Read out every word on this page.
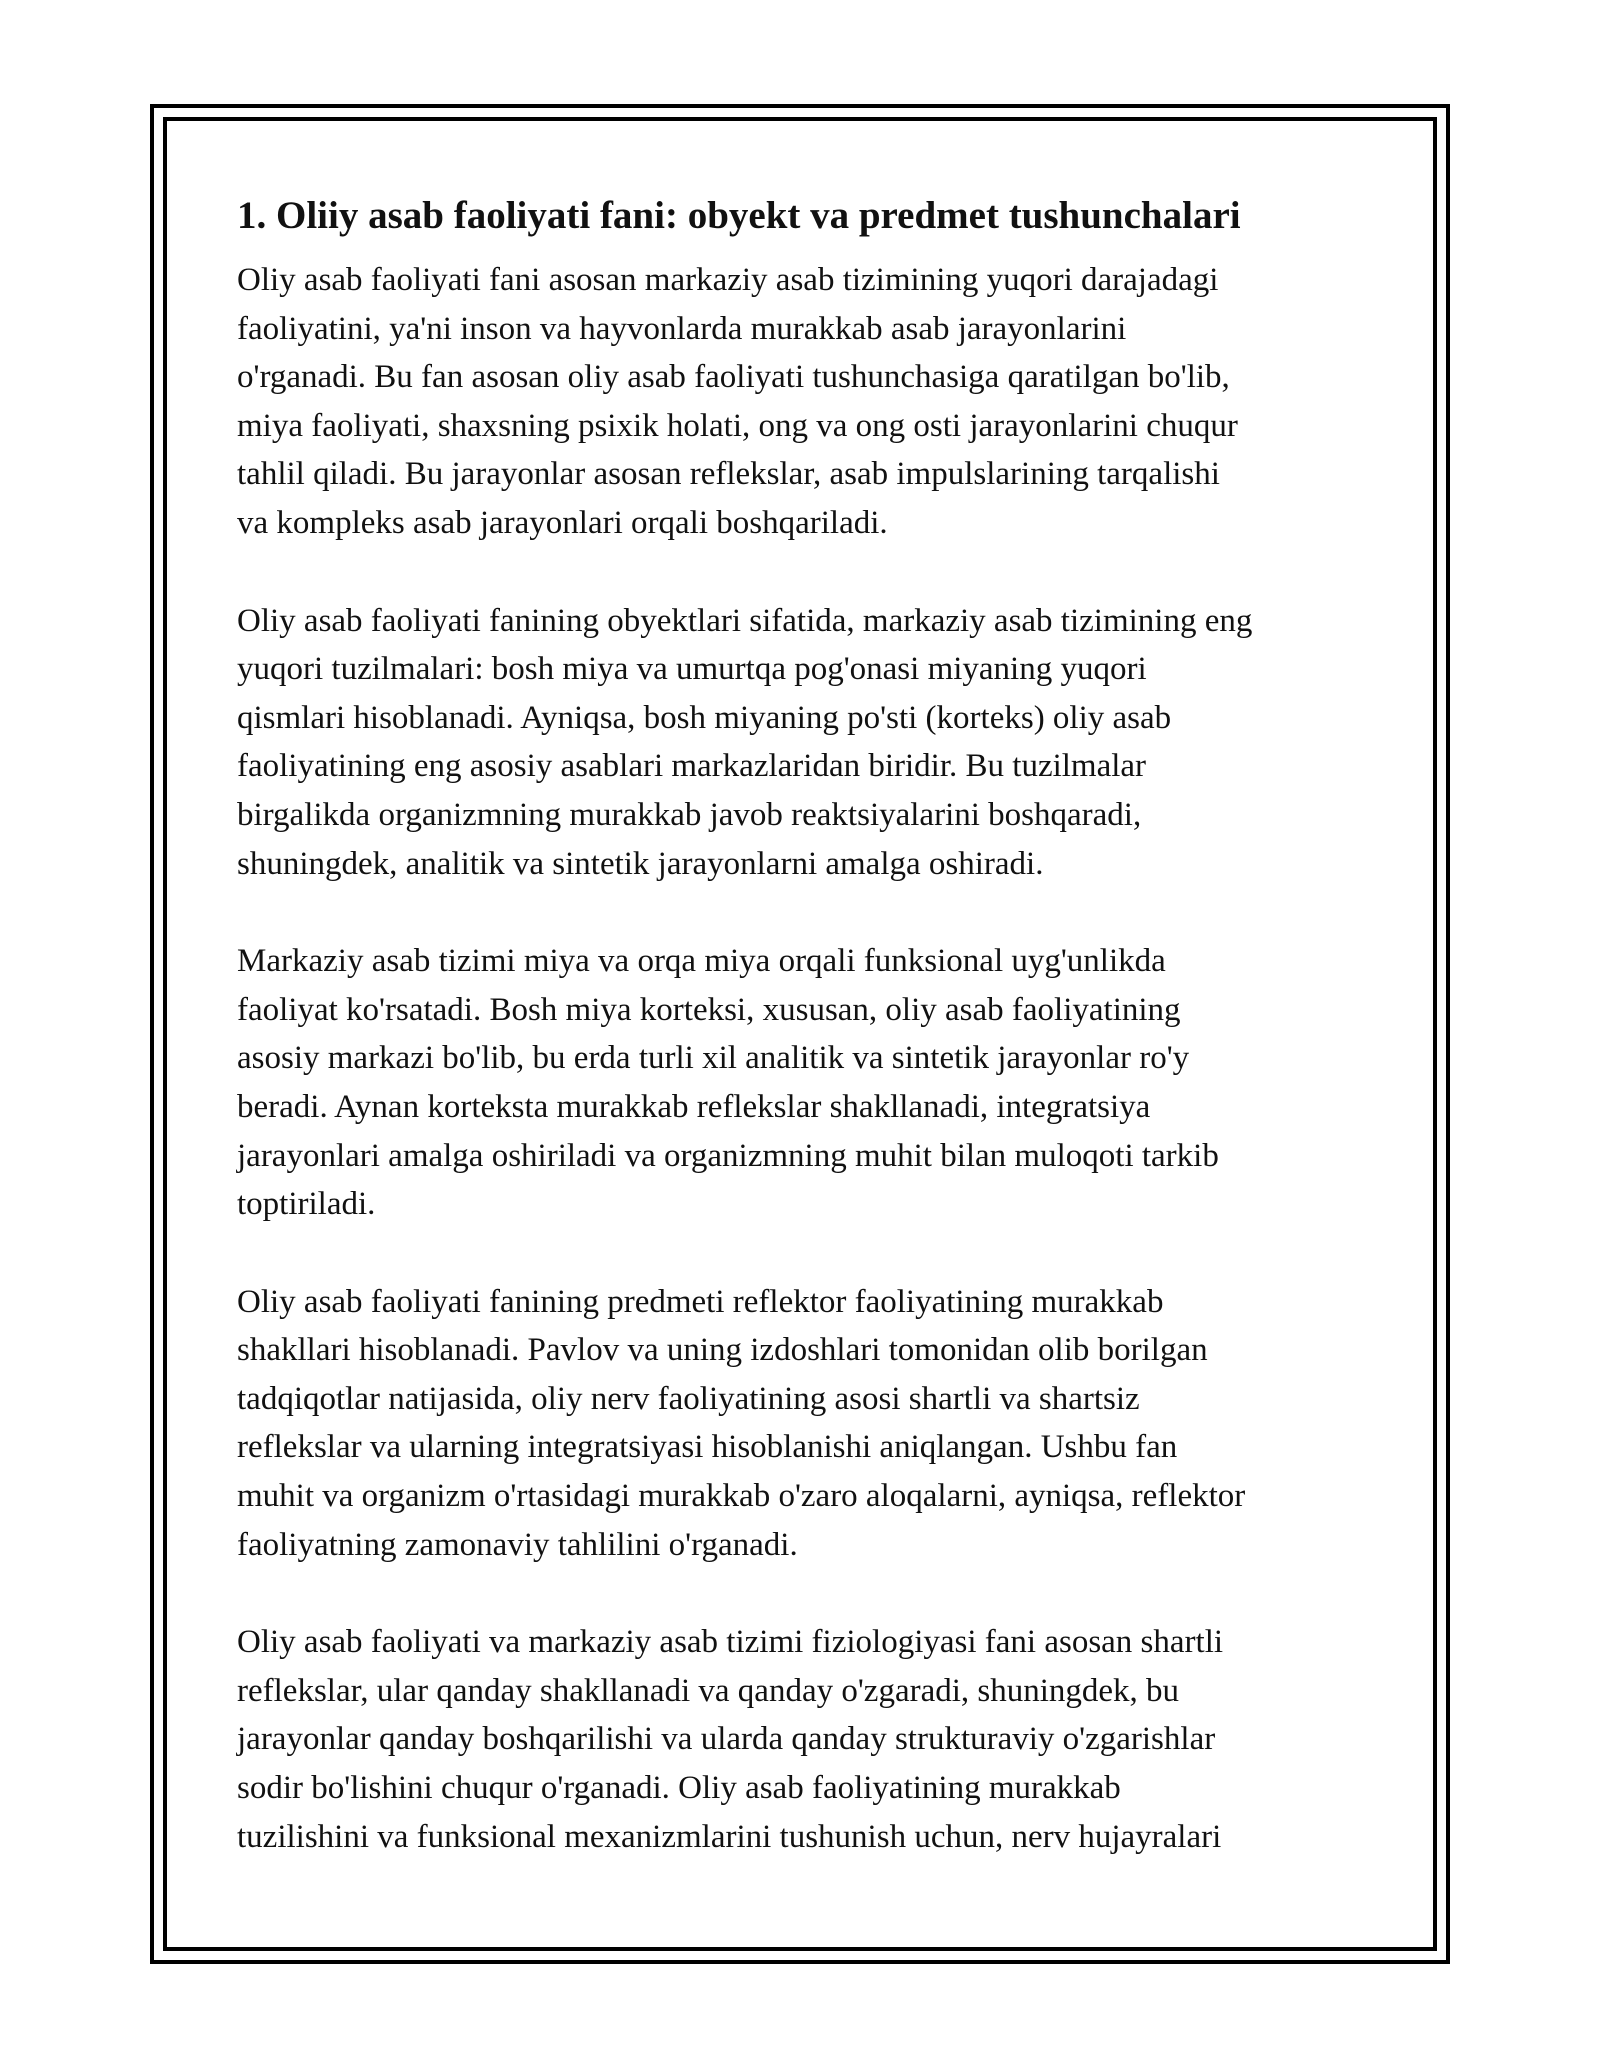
1. Oliiy asab faoliyati fani: obyekt va predmet tushunchalari

Oliy asab faoliyati fani asosan markaziy asab tizimining yuqori darajadagi
faoliyatini, ya'ni inson va hayvonlarda murakkab asab jarayonlarini
o'rganadi. Bu fan asosan oliy asab faoliyati tushunchasiga qaratilgan bo'lib,
miya faoliyati, shaxsning psixik holati, ong va ong osti jarayonlarini chuqur
tahlil qiladi. Bu jarayonlar asosan reflekslar, asab impulslarining tarqalishi
va kompleks asab jarayonlari orqali boshqariladi.

Oliy asab faoliyati fanining obyektlari sifatida, markaziy asab tizimining eng
yuqori tuzilmalari: bosh miya va umurtqa pog'onasi miyaning yuqori
qismlari hisoblanadi. Ayniqsa, bosh miyaning po'sti (korteks) oliy asab
faoliyatining eng asosiy asablari markazlaridan biridir. Bu tuzilmalar
birgalikda organizmning murakkab javob reaktsiyalarini boshqaradi,
shuningdek, analitik va sintetik jarayonlarni amalga oshiradi.

Markaziy asab tizimi miya va orqa miya orqali funksional uyg'unlikda
faoliyat ko'rsatadi. Bosh miya korteksi, xususan, oliy asab faoliyatining
asosiy markazi bo'lib, bu erda turli xil analitik va sintetik jarayonlar ro'y
beradi. Aynan korteksta murakkab reflekslar shakllanadi, integratsiya
jarayonlari amalga oshiriladi va organizmning muhit bilan muloqoti tarkib
toptiriladi.

Oliy asab faoliyati fanining predmeti reflektor faoliyatining murakkab
shakllari hisoblanadi. Pavlov va uning izdoshlari tomonidan olib borilgan
tadqiqotlar natijasida, oliy nerv faoliyatining asosi shartli va shartsiz
reflekslar va ularning integratsiyasi hisoblanishi aniqlangan. Ushbu fan
muhit va organizm o'rtasidagi murakkab o'zaro aloqalarni, ayniqsa, reflektor
faoliyatning zamonaviy tahlilini o'rganadi.

Oliy asab faoliyati va markaziy asab tizimi fiziologiyasi fani asosan shartli
reflekslar, ular qanday shakllanadi va qanday o'zgaradi, shuningdek, bu
jarayonlar qanday boshqarilishi va ularda qanday strukturaviy o'zgarishlar
sodir bo'lishini chuqur o'rganadi. Oliy asab faoliyatining murakkab
tuzilishini va funksional mexanizmlarini tushunish uchun, nerv hujayralari
